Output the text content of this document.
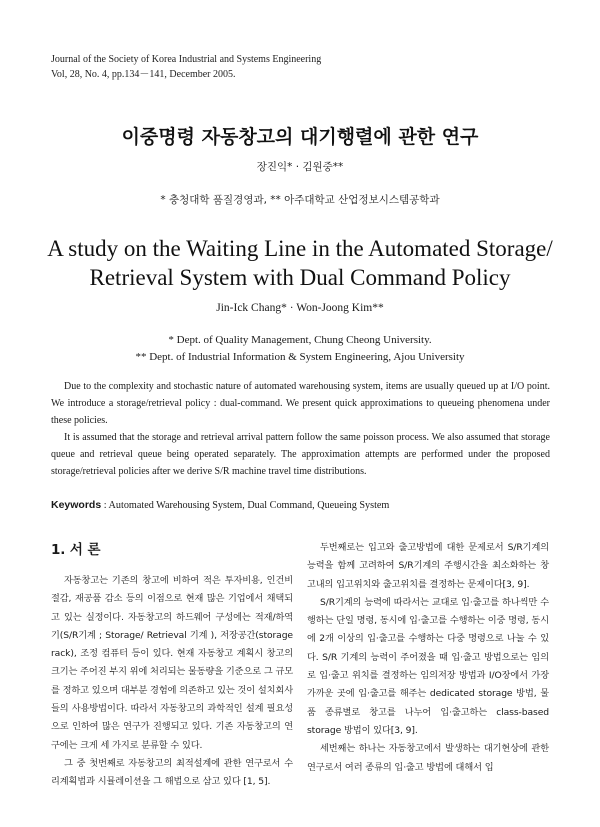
Journal of the Society of Korea Industrial and Systems Engineering
Vol, 28, No. 4, pp.134－141, December 2005.
이중명령 자동창고의 대기행렬에 관한 연구
장진익* · 김원중**
* 충청대학 품질경영과, ** 아주대학교 산업정보시스템공학과
A study on the Waiting Line in the Automated Storage/
Retrieval System with Dual Command Policy
Jin-Ick Chang* · Won-Joong Kim**
* Dept. of Quality Management, Chung Cheong University.
** Dept. of Industrial Information & System Engineering, Ajou University

Due to the complexity and stochastic nature of automated warehousing system, items are usually queued up at I/O point. We introduce a storage/retrieval policy : dual-command. We present quick approximations to queueing phenomena under these policies.

It is assumed that the storage and retrieval arrival pattern follow the same poisson process. We also assumed that storage queue and retrieval queue being operated separately. The approximation attempts are performed under the proposed storage/retrieval policies after we derive S/R machine travel time distributions.

Keywords : Automated Warehousing System, Dual Command, Queueing System
1. 서 론

자동창고는 기존의 창고에 비하여 적은 투자비용, 인건비 절감, 재공품 감소 등의 이점으로 현재 많은 기업에서 채택되고 있는 실정이다. 자동창고의 하드웨어 구성에는 적재/하역기(S/R기계 ; Storage/ Retrieval 기계 ), 저장공간(storage rack), 조정 컴퓨터 등이 있다. 현재 자동창고 계획시 창고의 크기는 주어진 부지 위에 처리되는 물동량을 기준으로 그 규모를 정하고 있으며 대부분 경험에 의존하고 있는 것이 설치회사들의 사용방법이다. 따라서 자동창고의 과학적인 설계 필요성으로 인하여 많은 연구가 진행되고 있다. 기존 자동창고의 연구에는 크게 세 가지로 분류할 수 있다.

그 중 첫번째로 자동창고의 최적설계에 관한 연구로서 수리계획법과 시뮬레이션을 그 해법으로 삼고 있다 [1, 5].

두번째로는 입고와 출고방법에 대한 문제로서 S/R기계의 능력을 함께 고려하여 S/R기계의 주행시간을 최소화하는 창고내의 입고위치와 출고위치를 결정하는 문제이다[3, 9].

S/R기계의 능력에 따라서는 교대로 입·출고를 하나씩만 수행하는 단일 명령, 동시에 입·출고를 수행하는 이중 명령, 동시에 2개 이상의 입·출고를 수행하는 다중 명령으로 나눌 수 있다. S/R 기계의 능력이 주어졌을 때 입·출고 방법으로는 임의로 입·출고 위치를 결정하는 임의저장 방법과 I/O장에서 가장 가까운 곳에 입·출고를 해주는 dedicated storage 방법, 물품 종류별로 창고를 나누어 입·출고하는 class-based storage 방법이 있다[3, 9].

세번째는 하나는 자동창고에서 발생하는 대기현상에 관한 연구로서 여러 종류의 입·출고 방법에 대해서 입
